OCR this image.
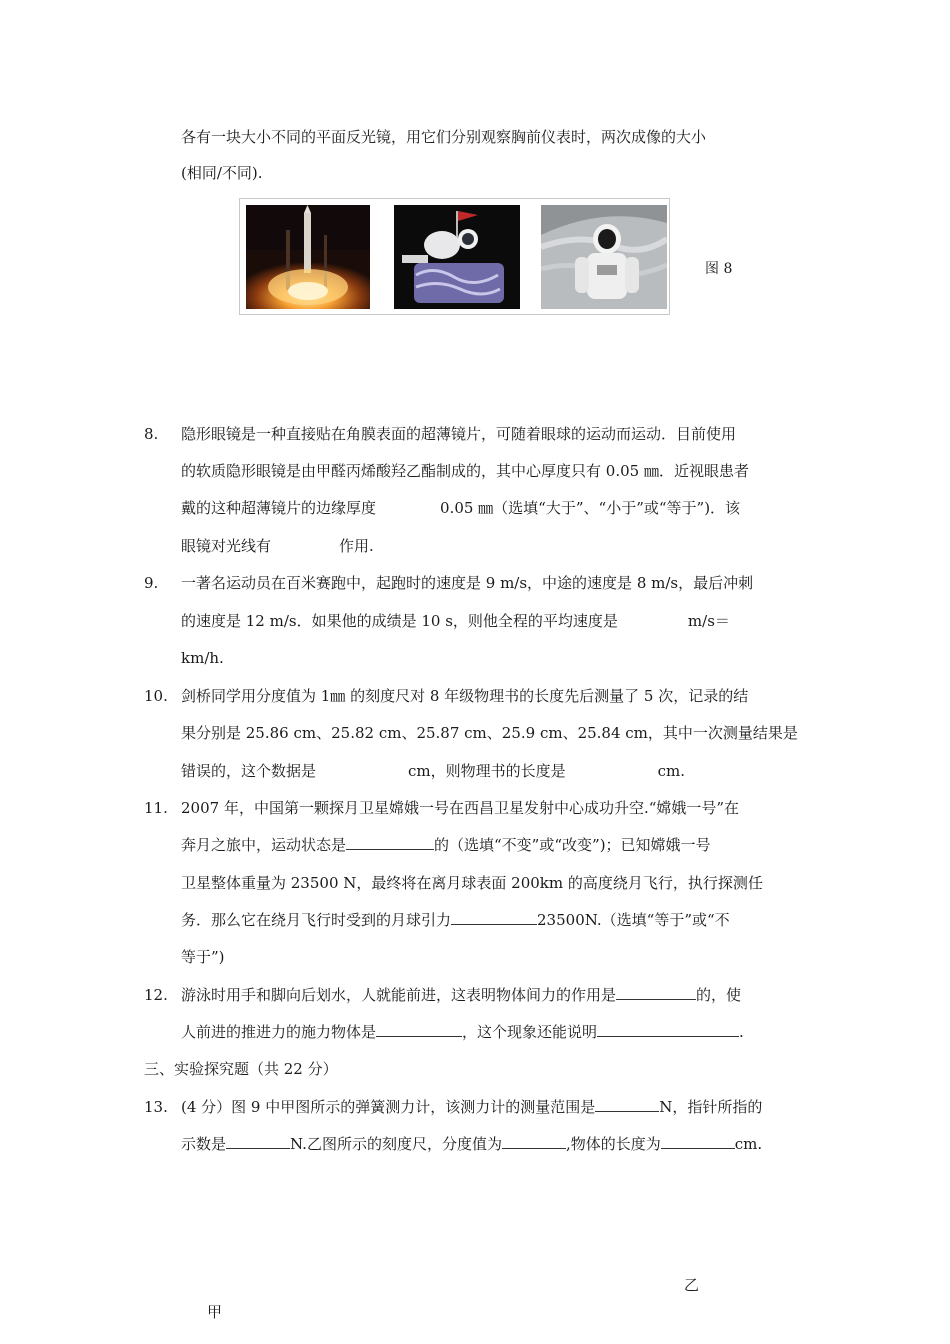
各有一块大小不同的平面反光镜，用它们分别观察胸前仪表时，两次成像的大小
(相同/不同).
图 8
8. 隐形眼镜是一种直接贴在角膜表面的超薄镜片，可随着眼球的运动而运动．目前使用
的软质隐形眼镜是由甲醛丙烯酸羟乙酯制成的，其中心厚度只有 0.05 ㎜．近视眼患者
戴的这种超薄镜片的边缘厚度	0.05 ㎜（选填“大于”、“小于”或“等于”)．该
眼镜对光线有	作用.
9. 一著名运动员在百米赛跑中，起跑时的速度是 9 m/s，中途的速度是 8 m/s，最后冲刺
的速度是 12 m/s．如果他的成绩是 10 s，则他全程的平均速度是	m/s＝
km/h.
10. 剑桥同学用分度值为 1㎜ 的刻度尺对 8 年级物理书的长度先后测量了 5 次，记录的结
果分别是 25.86 cm、25.82 cm、25.87 cm、25.9 cm、25.84 cm，其中一次测量结果是
错误的，这个数据是	cm，则物理书的长度是	cm.
11. 2007 年，中国第一颗探月卫星嫦娥一号在西昌卫星发射中心成功升空.“嫦娥一号”在
奔月之旅中，运动状态是	的（选填“不变”或“改变”)；已知嫦娥一号
卫星整体重量为 23500 N，最终将在离月球表面 200km 的高度绕月飞行，执行探测任
务．那么它在绕月飞行时受到的月球引力	23500N.（选填“等于”或“不
等于”)
12. 游泳时用手和脚向后划水，人就能前进，这表明物体间力的作用是	的，使
人前进的推进力的施力物体是	，这个现象还能说明	.
三、实验探究题（共 22 分）
13. (4 分）图 9 中甲图所示的弹簧测力计，该测力计的测量范围是	N，指针所指的
示数是	N.乙图所示的刻度尺，分度值为	,物体的长度为	cm.
乙
甲
